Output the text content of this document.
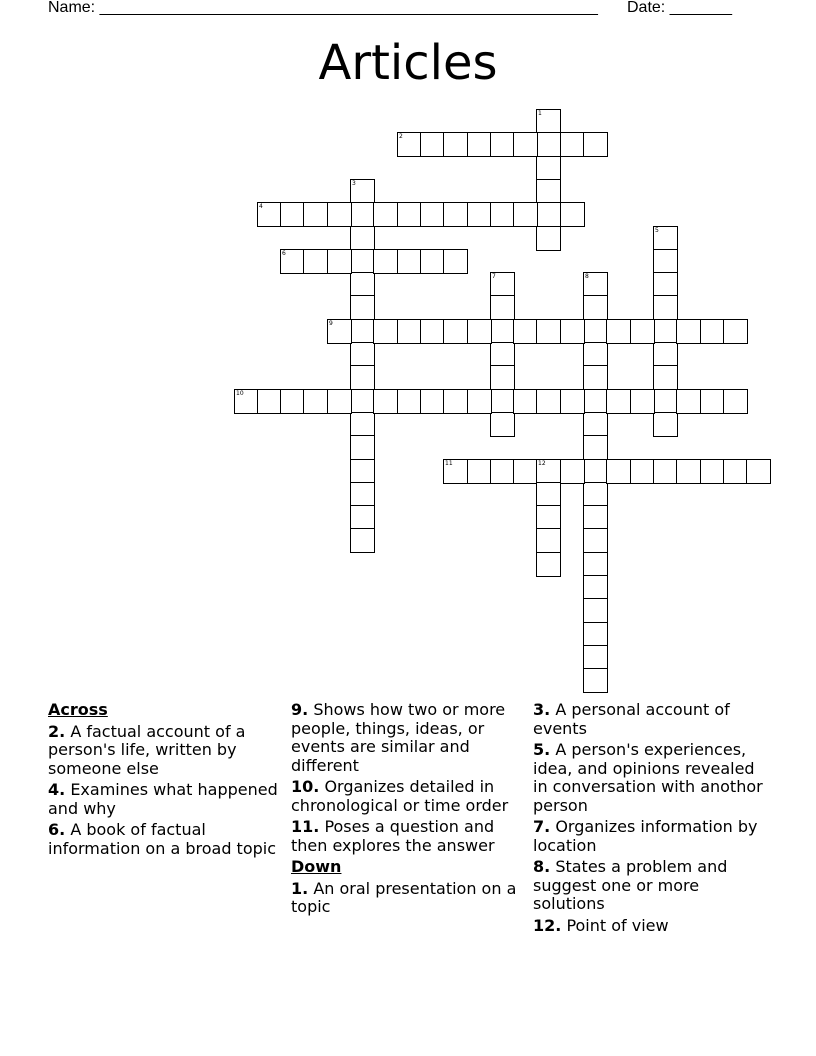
Name: ________________________________________________________ Date: _______
Articles
1
2
3
4
5
6
7	8
9
10
11	12
Across
2. A factual account of a person's life, written by someone else
4. Examines what happened and why
6. A book of factual information on a broad topic
9. Shows how two or more people, things, ideas, or events are similar and different
10. Organizes detailed in chronological or time order
11. Poses a question and then explores the answer
Down
1. An oral presentation on a topic
3. A personal account of events
5. A person's experiences, idea, and opinions revealed in conversation with anothor person
7. Organizes information by location
8. States a problem and suggest one or more solutions
12. Point of view
